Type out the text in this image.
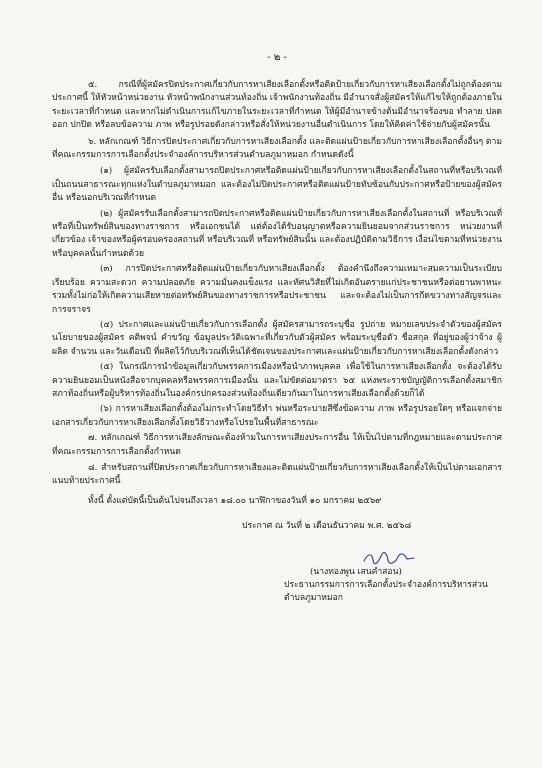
- ๒ -

๕. กรณีที่ผู้สมัครปิดประกาศเกี่ยวกับการหาเสียงเลือกตั้งหรือติดป้ายเกี่ยวกับการหาเสียงเลือกตั้งไม่ถูกต้องตามประกาศนี้ ให้หัวหน้าหน่วยงาน หัวหน้าพนักงานส่วนท้องถิ่น เจ้าพนักงานท้องถิ่น มีอำนาจสั่งผู้สมัครให้แก้ไขให้ถูกต้องภายในระยะเวลาที่กำหนด และหากไม่ดำเนินการแก้ไขภายในระยะเวลาที่กำหนด ให้ผู้มีอำนาจข้างต้นมีอำนาจร้องขอ ทำลาย ปลดออก ปกปิด หรือลบข้อความ ภาพ หรือรูปรอยดังกล่าวหรือสั่งให้หน่วยงานอื่นดำเนินการ โดยให้คิดค่าใช้จ่ายกับผู้สมัครนั้น

๖. หลักเกณฑ์ วิธีการปิดประกาศเกี่ยวกับการหาเสียงเลือกตั้ง และติดแผ่นป้ายเกี่ยวกับการหาเสียงเลือกตั้งอื่นๆ ตามที่คณะกรรมการการเลือกตั้งประจำองค์การบริหารส่วนตำบลภูมาหมอก กำหนดดังนี้

(๑) ผู้สมัครรับเลือกตั้งสามารถปิดประกาศหรือติดแผ่นป้ายเกี่ยวกับการหาเสียงเลือกตั้งในสถานที่หรือบริเวณที่เป็นถนนสาธารณะทุกแห่งในตำบลภูมาหมอก และต้องไม่ปิดประกาศหรือติดแผ่นป้ายทับซ้อนกับประกาศหรือป้ายของผู้สมัครอื่น หรือนอกบริเวณที่กำหนด

(๒) ผู้สมัครรับเลือกตั้งสามารถปิดประกาศหรือติดแผ่นป้ายเกี่ยวกับการหาเสียงเลือกตั้งในสถานที่ หรือบริเวณที่ หรือที่เป็นทรัพย์สินของทางราชการ หรือเอกชนได้ แต่ต้องได้รับอนุญาตหรือความยินยอมจากส่วนราชการ หน่วยงานที่เกี่ยวข้อง เจ้าของหรือผู้ครอบครองสถานที่ หรือบริเวณที่ หรือทรัพย์สินนั้น และต้องปฏิบัติตามวิธีการ เงื่อนไขตามที่หน่วยงานหรือบุคคลนั้นกำหนดด้วย

(๓) การปิดประกาศหรือติดแผ่นป้ายเกี่ยวกับหาเสียงเลือกตั้ง ต้องคำนึงถึงความเหมาะสมความเป็นระเบียบเรียบร้อย ความสะดวก ความปลอดภัย ความมั่นคงแข็งแรง และทัศนวิสัยที่ไม่เกิดอันตรายแก่ประชาชนหรือต่อยานพาหนะ รวมทั้งไม่ก่อให้เกิดความเสียหายต่อทรัพย์สินของทางราชการหรือประชาชน และจะต้องไม่เป็นการกีดขวางทางสัญจรและการจราจร

(๔) ประกาศและแผ่นป้ายเกี่ยวกับการเลือกตั้ง ผู้สมัครสามารถระบุชื่อ รูปถ่าย หมายเลขประจำตัวของผู้สมัคร นโยบายของผู้สมัคร คติพจน์ คำขวัญ ข้อมูลประวัติเฉพาะที่เกี่ยวกับตัวผู้สมัคร พร้อมระบุชื่อตัว ชื่อสกุล ที่อยู่ของผู้ว่าจ้าง ผู้ผลิต จำนวน และวันเดือนปี ที่ผลิตไว้กับบริเวณที่เห็นได้ชัดเจนของประกาศและแผ่นป้ายเกี่ยวกับการหาเสียงเลือกตั้งดังกล่าว

(๕) ในกรณีการนำข้อมูลเกี่ยวกับพรรคการเมืองหรือนำภาพบุคคล เพื่อใช้ในการหาเสียงเลือกตั้ง จะต้องได้รับความยินยอมเป็นหนังสือจากบุคคลหรือพรรคการเมืองนั้น และไม่ขัดต่อมาตรา ๖๕ แห่งพระราชบัญญัติการเลือกตั้งสมาชิกสภาท้องถิ่นหรือผู้บริหารท้องถิ่นในองค์กรปกครองส่วนท้องถิ่นเดียวกันมาในการหาเสียงเลือกตั้งด้วยก็ได้

(๖) การหาเสียงเลือกตั้งต้องไม่กระทำโดยวิธีทำ พ่นหรือระบายสีซึ่งข้อความ ภาพ หรือรูปรอยใดๆ หรือแจกจ่ายเอกสารเกี่ยวกับการหาเสียงเลือกตั้งโดยวิธีวางหรือโปรยในพื้นที่สาธารณะ

๗. หลักเกณฑ์ วิธีการหาเสียงลักษณะต้องห้ามในการหาเสียงประการอื่น ให้เป็นไปตามที่กฎหมายและตามประกาศที่คณะกรรมการการเลือกตั้งกำหนด

๘. สำหรับสถานที่ปิดประกาศเกี่ยวกับการหาเสียงและติดแผ่นป้ายเกี่ยวกับการหาเสียงเลือกตั้งให้เป็นไปตามเอกสารแนบท้ายประกาศนี้

ทั้งนี้ ตั้งแต่บัดนี้เป็นต้นไปจนถึงเวลา ๑๘.๐๐ นาฬิกาของวันที่ ๑๐ มกราคม ๒๕๖๙
ประกาศ ณ วันที่ ๒ เดือนธันวาคม พ.ศ. ๒๕๖๘
(นางทองพูน เสนคำสอน)
ประธานกรรมการการเลือกตั้งประจำองค์การบริหารส่วนตำบลภูมาหมอก
